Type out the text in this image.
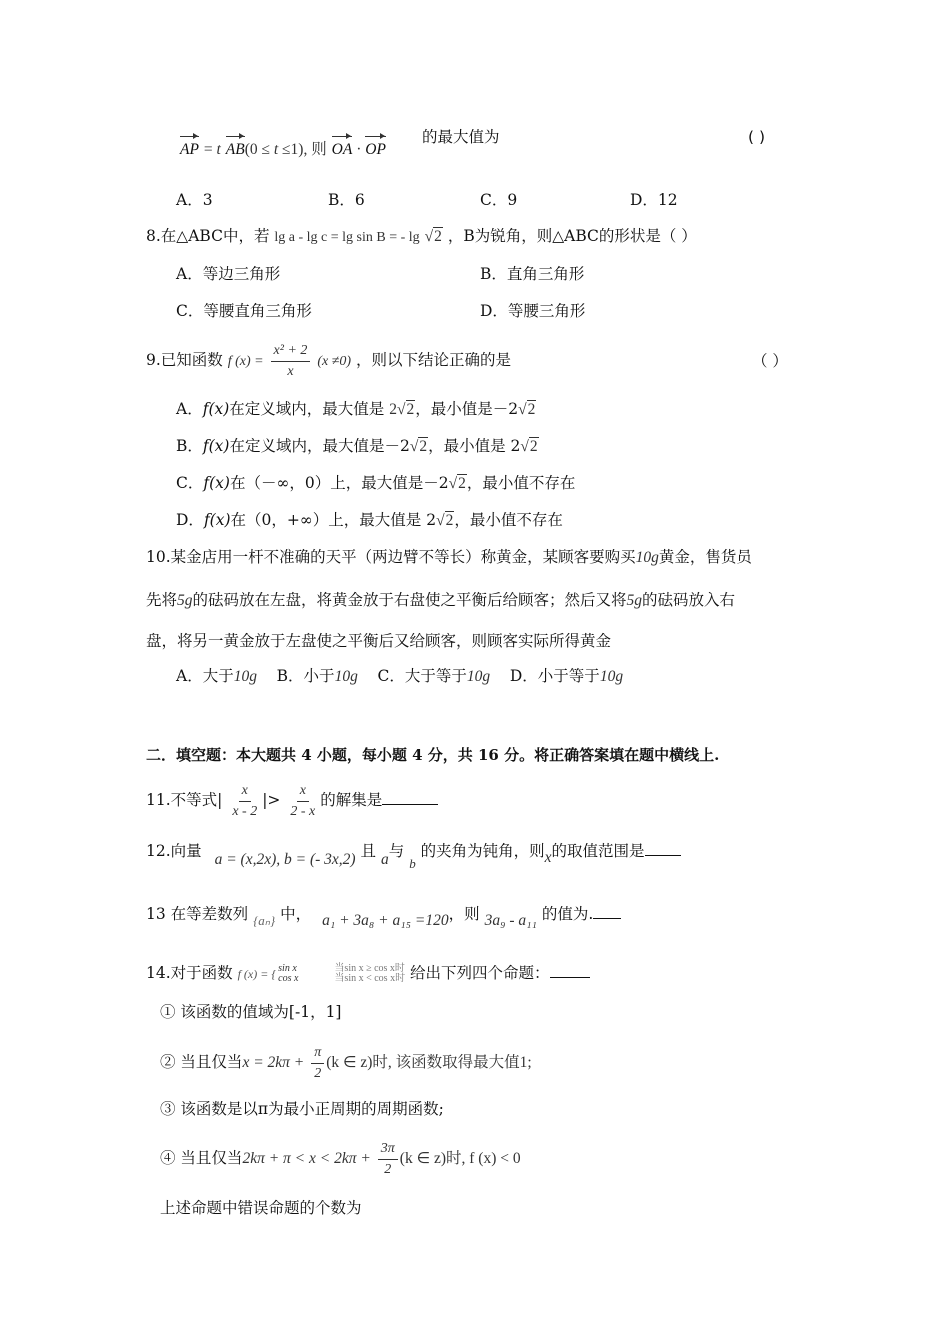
AP = t AB(0 ≤ t ≤1), 则 OA · OP
的最大值为	( )
A．3	B．6	C．9	D．12
8.在△ABC中，若 lg a - lg c = lg sin B = - lg √2 ，B为锐角，则△ABC的形状是（ ）
A．等边三角形	B．直角三角形
C．等腰直角三角形	D．等腰三角形
9.已知函数 f $(x) = \frac{\text{x² + 2}}{x} (x \ne 0)$ ，则以下结论正确的是	（ ）
A．f(x)在定义域内，最大值是 2√2，最小值是－2√2
B．f(x)在定义域内，最大值是－2√2，最小值是 2√2
C．f(x)在（－∞，0）上，最大值是－2√2，最小值不存在
D．f(x)在（0，+∞）上，最大值是 2√2，最小值不存在
10.某金店用一杆不准确的天平（两边臂不等长）称黄金，某顾客要购买10g黄金，售货员
先将5g的砝码放在左盘，将黄金放于右盘使之平衡后给顾客；然后又将5g的砝码放入右
盘，将另一黄金放于左盘使之平衡后又给顾客，则顾客实际所得黄金
A．大于10g B．小于10g C．大于等于10g D．小于等于10g
二．填空题：本大题共 4 小题，每小题 4 分，共 16 分。将正确答案填在题中横线上.
11.不等式| $\frac{x}{x - 2}$ |> $\frac{x}{2 - x}$ 的解集是
12.向量 a = (x,2x), b = (- 3x,2) 且 a与 $_b$ 的夹角为钝角，则x的取值范围是
13 在等差数列 $_{\{a_n\}}$ 中， a₁ + 3a₈ + a₁₅ =120，则 3a₉ - a₁₁ 的值为.
14.对于函数 f (x) = { sin x
cos x
当sin x ≥ cos x时
当sin x < cos x时 给出下列四个命题：
① 该函数的值域为[-1，1]
② 当且仅当$x = 2k\pi + \frac{\pi}{2} (k$ ∈ z)时, 该函数取得最大值1;
③ 该函数是以π为最小正周期的周期函数;
④ 当且仅当$2k\pi + \pi < x < 2k\pi + \frac{3\pi}{2} (k$ ∈ z)时, f (x) < 0
上述命题中错误命题的个数为
